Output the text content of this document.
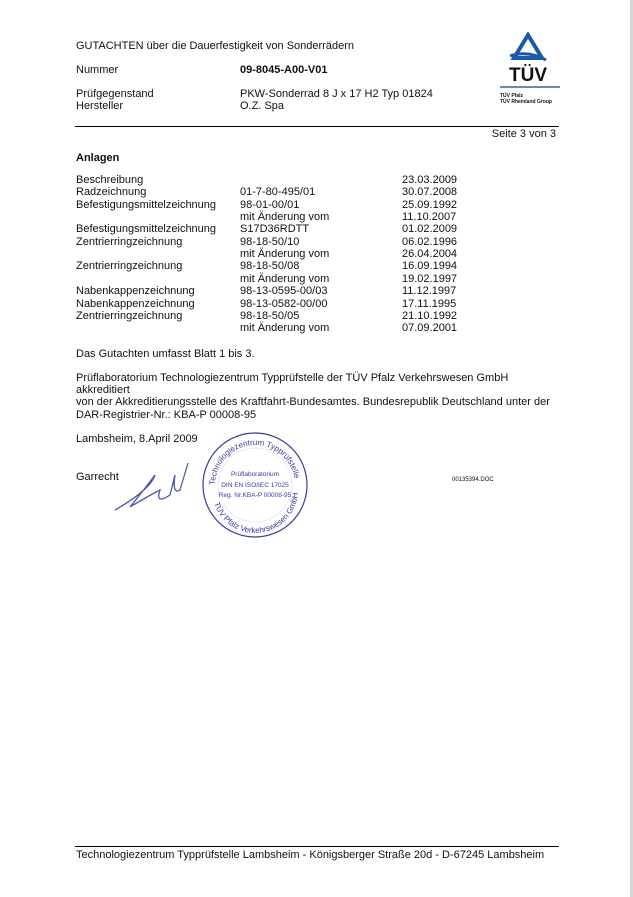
GUTACHTEN über die Dauerfestigkeit von Sonderrädern
Nummer	09-8045-A00-V01
Prüfgegenstand	PKW-Sonderrad 8 J x 17 H2 Typ 01824
Hersteller	O.Z. Spa
TÜV
TÜV Pfalz
TÜV Rheinland Group
Seite 3 von 3
Anlagen
Beschreibung	23.03.2009
Radzeichnung	01-7-80-495/01	30.07.2008
Befestigungsmittelzeichnung 98-01-00/01	25.09.1992
mit Änderung vom	11.10.2007
Befestigungsmittelzeichnung S17D36RDTT	01.02.2009
Zentrierringzeichnung	98-18-50/10	06.02.1996
mit Änderung vom	26.04.2004
Zentrierringzeichnung	98-18-50/08	16.09.1994
mit Änderung vom	19.02.1997
Nabenkappenzeichnung	98-13-0595-00/03	11.12.1997
Nabenkappenzeichnung	98-13-0582-00/00	17.11.1995
Zentrierringzeichnung	98-18-50/05	21.10.1992
mit Änderung vom	07.09.2001
Das Gutachten umfasst Blatt 1 bis 3.
Prüflaboratorium Technologiezentrum Typprüfstelle der TÜV Pfalz Verkehrswesen GmbH akkreditiert
von der Akkreditierungsstelle des Kraftfahrt-Bundesamtes. Bundesrepublik Deutschland unter der
DAR-Registrier-Nr.: KBA-P 00008-95
Lambsheim, 8.April 2009
Garrecht	Technologiezentrum Typprüfstelle
TÜV Pfalz Verkehrswesen GmbH
Prüflaboratorium
DIN EN ISO/IEC 17025
Reg. Nr.KBA-P 00008-95
00135394.DOC
Technologiezentrum Typprüfstelle Lambsheim - Königsberger Straße 20d - D-67245 Lambsheim
